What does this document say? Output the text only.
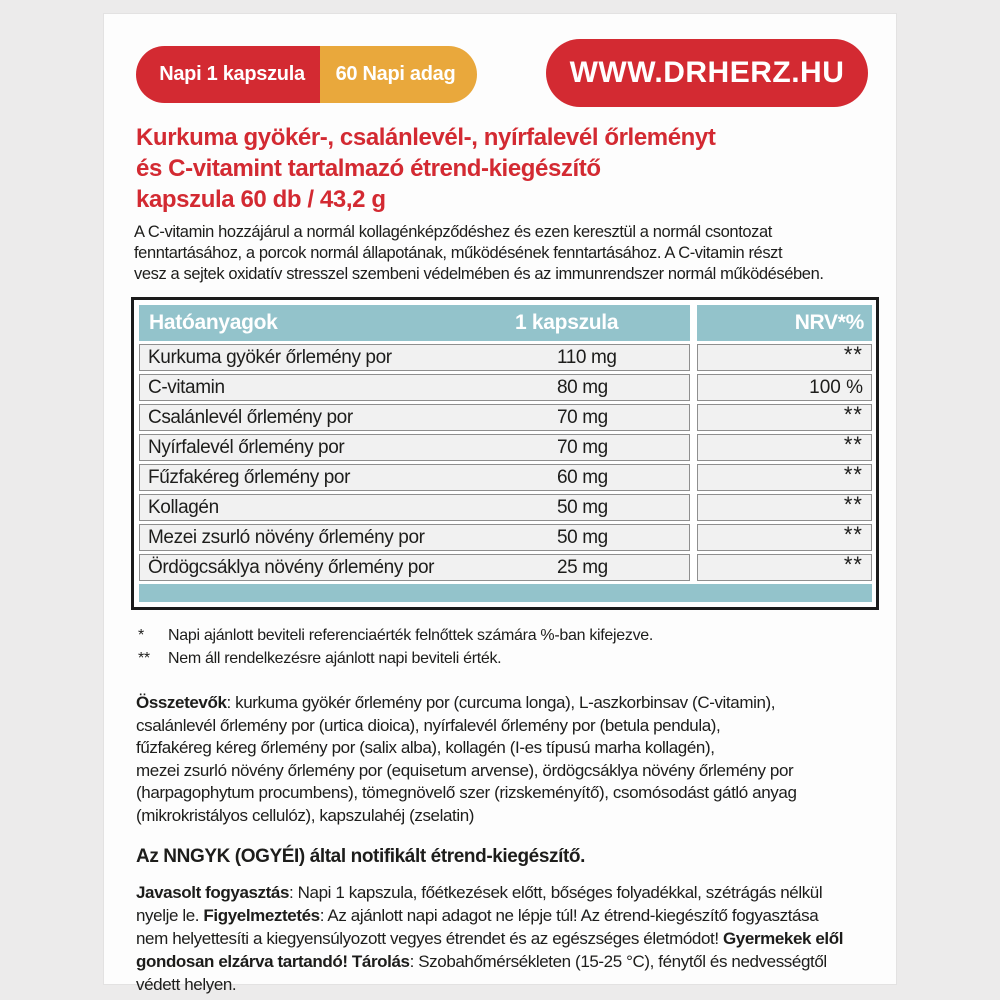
Napi 1 kapszula 60 Napi adag	WWW.DRHERZ.HU
Kurkuma gyökér-, csalánlevél-, nyírfalevél őrleményt
és C-vitamint tartalmazó étrend-kiegészítő
kapszula 60 db / 43,2 g

A C-vitamin hozzájárul a normál kollagénképződéshez és ezen keresztül a normál csontozat
fenntartásához, a porcok normál állapotának, működésének fenntartásához. A C-vitamin részt
vesz a sejtek oxidatív stresszel szembeni védelmében és az immunrendszer normál működésében.

Hatóanyagok	1 kapszula	NRV*%
Kurkuma gyökér őrlemény por	110 mg	**
C-vitamin	80 mg	100 %
Csalánlevél őrlemény por	70 mg	**
Nyírfalevél őrlemény por	70 mg	**
Fűzfakéreg őrlemény por	60 mg	**
Kollagén	50 mg	**
Mezei zsurló növény őrlemény por	50 mg	**
Ördögcsáklya növény őrlemény por	25 mg	**
*	Napi ajánlott beviteli referenciaérték felnőttek számára %-ban kifejezve.
**	Nem áll rendelkezésre ajánlott napi beviteli érték.

Összetevők: kurkuma gyökér őrlemény por (curcuma longa), L-aszkorbinsav (C-vitamin),
csalánlevél őrlemény por (urtica dioica), nyírfalevél őrlemény por (betula pendula),
fűzfakéreg kéreg őrlemény por (salix alba), kollagén (I-es típusú marha kollagén),
mezei zsurló növény őrlemény por (equisetum arvense), ördögcsáklya növény őrlemény por
(harpagophytum procumbens), tömegnövelő szer (rizskeményítő), csomósodást gátló anyag
(mikrokristályos cellulóz), kapszulahéj (zselatin)

Az NNGYK (OGYÉI) által notifikált étrend-kiegészítő.

Javasolt fogyasztás: Napi 1 kapszula, főétkezések előtt, bőséges folyadékkal, szétrágás nélkül
nyelje le. Figyelmeztetés: Az ajánlott napi adagot ne lépje túl! Az étrend-kiegészítő fogyasztása
nem helyettesíti a kiegyensúlyozott vegyes étrendet és az egészséges életmódot! Gyermekek elől
gondosan elzárva tartandó! Tárolás: Szobahőmérsékleten (15-25 °C), fénytől és nedvességtől
védett helyen.
